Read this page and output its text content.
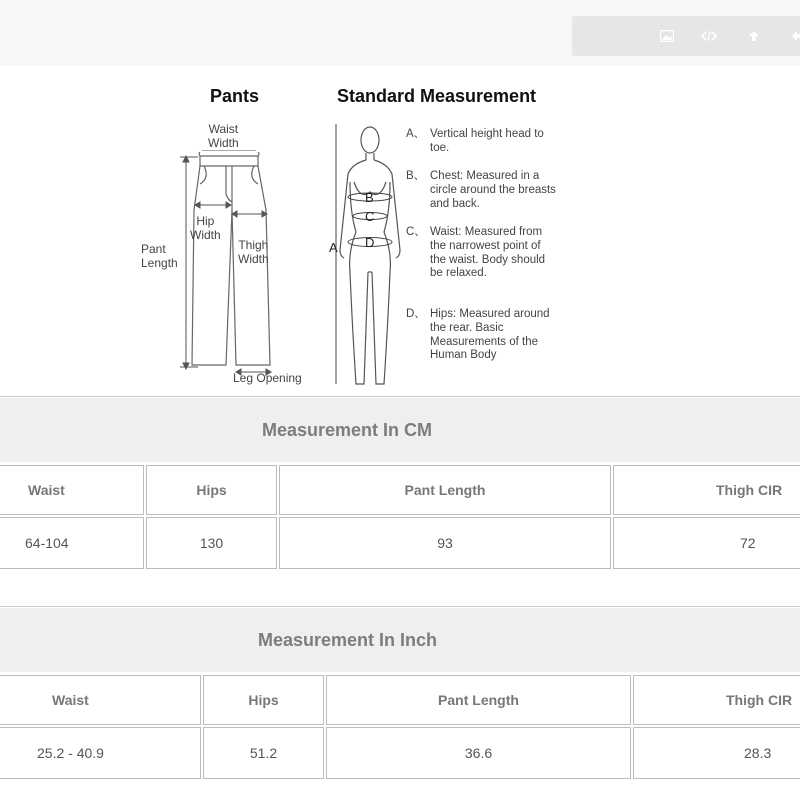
Pants	Standard Measurement
Waist
Width
Hip
Width
Thigh
Width
Pant
Length
Leg Opening
A
B
C
D
A、 Vertical height head to toe.
B、 Chest: Measured in a circle around the breasts and back.
C、 Waist: Measured from the narrowest point of the waist. Body should be relaxed.
D、 Hips: Measured around the rear. Basic Measurements of the Human Body
Measurement In CM
Waist	Hips	Pant Length	Thigh CIR
64-104	130	93	72
Measurement In Inch
Waist	Hips	Pant Length	Thigh CIR
25.2 - 40.9	51.2	36.6	28.3
